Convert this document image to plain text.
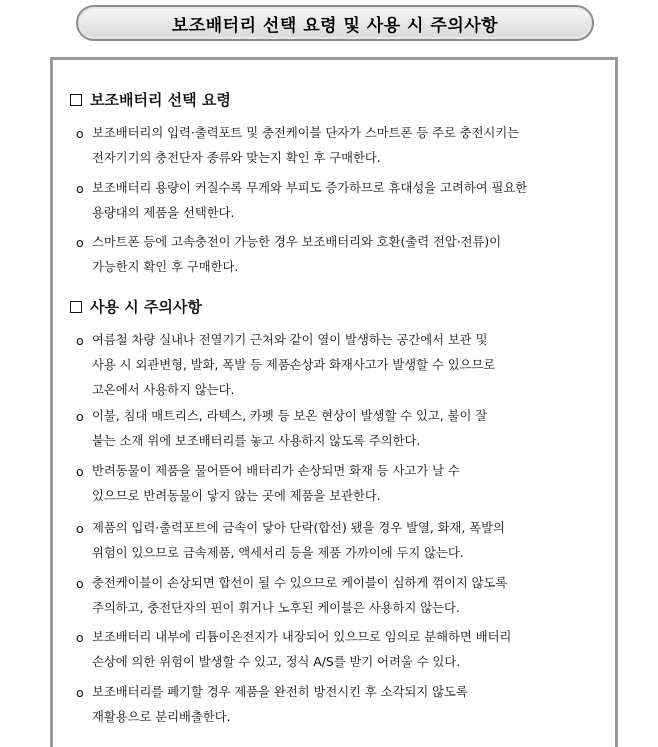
보조배터리 선택 요령 및 사용 시 주의사항
보조배터리 선택 요령
o 보조배터리의 입력·출력포트 및 충전케이블 단자가 스마트폰 등 주로 충전시키는
전자기기의 충전단자 종류와 맞는지 확인 후 구매한다.
o 보조배터리 용량이 커질수록 무게와 부피도 증가하므로 휴대성을 고려하여 필요한
용량대의 제품을 선택한다.
o 스마트폰 등에 고속충전이 가능한 경우 보조배터리와 호환(출력 전압·전류)이
가능한지 확인 후 구매한다.
사용 시 주의사항
o 여름철 차량 실내나 전열기기 근처와 같이 열이 발생하는 공간에서 보관 및
사용 시 외관변형, 발화, 폭발 등 제품손상과 화재사고가 발생할 수 있으므로
고온에서 사용하지 않는다.
o 이불, 침대 매트리스, 라텍스, 카펫 등 보온 현상이 발생할 수 있고, 불이 잘
붙는 소재 위에 보조배터리를 놓고 사용하지 않도록 주의한다.
o 반려동물이 제품을 물어뜯어 배터리가 손상되면 화재 등 사고가 날 수
있으므로 반려동물이 닿지 않는 곳에 제품을 보관한다.
o 제품의 입력·출력포트에 금속이 닿아 단락(합선) 됐을 경우 발열, 화재, 폭발의
위험이 있으므로 금속제품, 액세서리 등을 제품 가까이에 두지 않는다.
o 충전케이블이 손상되면 합선이 될 수 있으므로 케이블이 심하게 꺾이지 않도록
주의하고, 충전단자의 핀이 휘거나 노후된 케이블은 사용하지 않는다.
o 보조배터리 내부에 리튬이온전지가 내장되어 있으므로 임의로 분해하면 배터리
손상에 의한 위험이 발생할 수 있고, 정식 A/S를 받기 어려울 수 있다.
o 보조배터리를 폐기할 경우 제품을 완전히 방전시킨 후 소각되지 않도록
재활용으로 분리배출한다.
